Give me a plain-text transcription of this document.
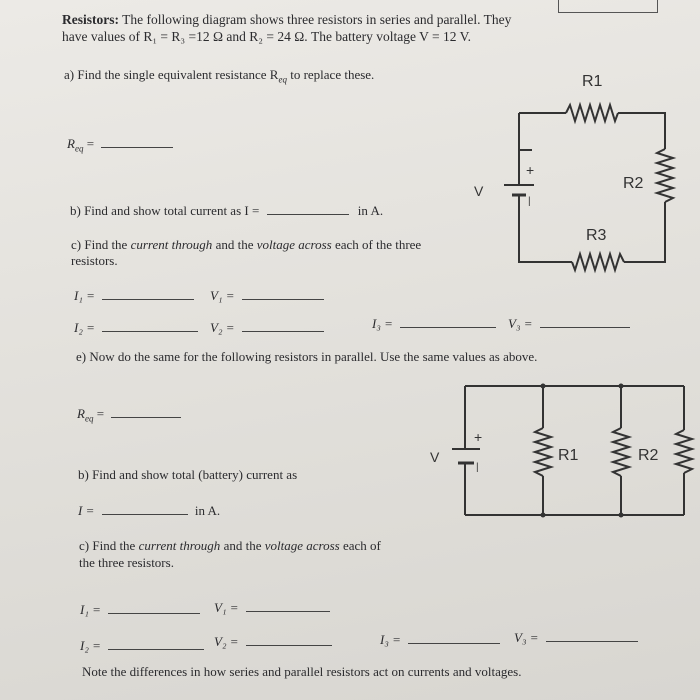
Resistors: The following diagram shows three resistors in series and parallel. They
have values of R₁ = R₃ =12 Ω and R₂ = 24 Ω. The battery voltage V = 12 V.
a) Find the single equivalent resistance $R_{eq}$ to replace these.
$R_{eq}$ =
b) Find and show total current as I =	in A.
c) Find the current through and the voltage across each of the three
resistors.
I₁ =	V₁ =
I₂ =	V₂ =	I₃ =	V₃ =
e) Now do the same for the following resistors in parallel. Use the same values as above.
$R_{eq}$ =
b) Find and show total (battery) current as
I =	in A.
c) Find the current through and the voltage across each of
the three resistors.
I₁ =	V₁ =
I₂ =	V₂ =	I₃ =	V₃ =
Note the differences in how series and parallel resistors act on currents and voltages.
R1
R2
R3
V
+
|
R1	R2
V
+
|
